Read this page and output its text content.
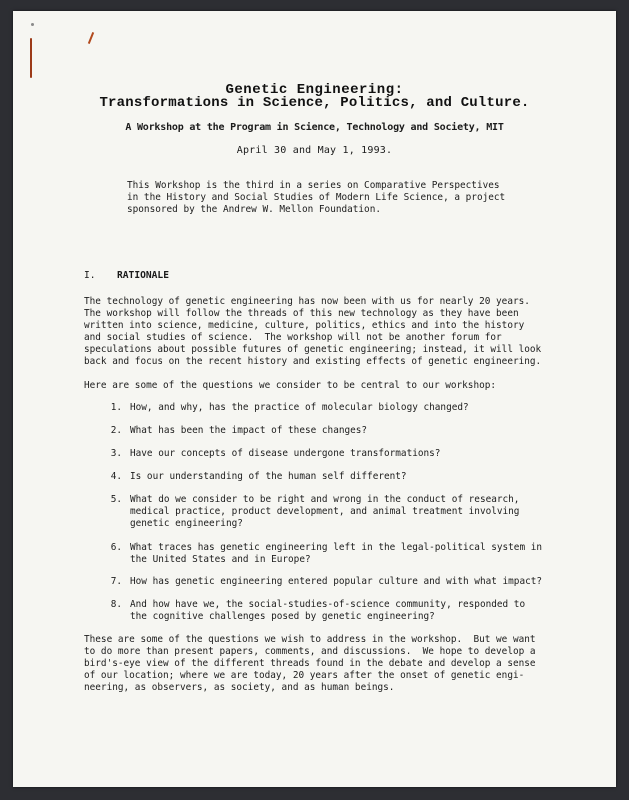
Genetic Engineering:
Transformations in Science, Politics, and Culture.
A Workshop at the Program in Science, Technology and Society, MIT
April 30 and May 1, 1993.

This Workshop is the third in a series on Comparative Perspectives
in the History and Social Studies of Modern Life Science, a project
sponsored by the Andrew W. Mellon Foundation.

I. RATIONALE

The technology of genetic engineering has now been with us for nearly 20 years.
The workshop will follow the threads of this new technology as they have been
written into science, medicine, culture, politics, ethics and into the history
and social studies of science.  The workshop will not be another forum for
speculations about possible futures of genetic engineering; instead, it will look
back and focus on the recent history and existing effects of genetic engineering.

Here are some of the questions we consider to be central to our workshop:

1. How, and why, has the practice of molecular biology changed?

2. What has been the impact of these changes?

3. Have our concepts of disease undergone transformations?

4. Is our understanding of the human self different?

5. What do we consider to be right and wrong in the conduct of research,
medical practice, product development, and animal treatment involving
genetic engineering?

6. What traces has genetic engineering left in the legal-political system in
the United States and in Europe?

7. How has genetic engineering entered popular culture and with what impact?

8. And how have we, the social-studies-of-science community, responded to
the cognitive challenges posed by genetic engineering?

These are some of the questions we wish to address in the workshop.  But we want
to do more than present papers, comments, and discussions.  We hope to develop a
bird's-eye view of the different threads found in the debate and develop a sense
of our location; where we are today, 20 years after the onset of genetic engi-
neering, as observers, as society, and as human beings.
